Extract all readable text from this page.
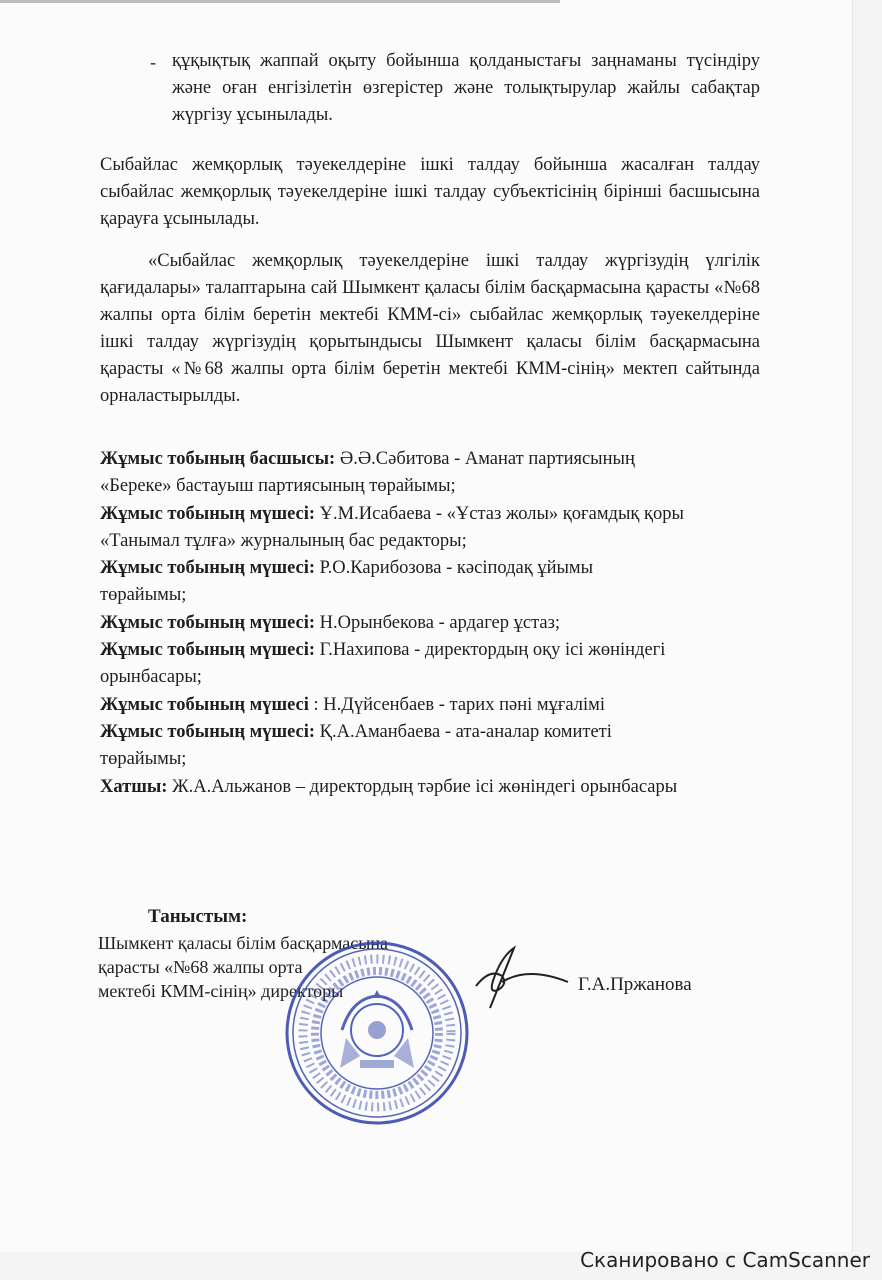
- құқықтық жаппай оқыту бойынша қолданыстағы заңнаманы түсіндіру және оған енгізілетін өзгерістер және толықтырулар жайлы сабақтар жүргізу ұсынылады.
Сыбайлас жемқорлық тәуекелдеріне ішкі талдау бойынша жасалған талдау сыбайлас жемқорлық тәуекелдеріне ішкі талдау субъектісінің бірінші басшысына қарауға ұсынылады.
«Сыбайлас жемқорлық тәуекелдеріне ішкі талдау жүргізудің үлгілік қағидалары» талаптарына сай Шымкент қаласы білім басқармасына қарасты «№68 жалпы орта білім беретін мектебі КММ-сі» сыбайлас жемқорлық тәуекелдеріне ішкі талдау жүргізудің қорытындысы Шымкент қаласы білім басқармасына қарасты «№68 жалпы орта білім беретін мектебі КММ-сінің» мектеп сайтында орналастырылды.
Жұмыс тобының басшысы: Ә.Ә.Сәбитова - Аманат партиясының
«Береке» бастауыш партиясының төрайымы;
Жұмыс тобының мүшесі: Ұ.М.Исабаева - «Ұстаз жолы» қоғамдық қоры
«Танымал тұлға» журналының бас редакторы;
Жұмыс тобының мүшесі: Р.О.Карибозова - кәсіподақ ұйымы
төрайымы;
Жұмыс тобының мүшесі: Н.Орынбекова - ардагер ұстаз;
Жұмыс тобының мүшесі: Г.Нахипова - директордың оқу ісі жөніндегі
орынбасары;
Жұмыс тобының мүшесі : Н.Дүйсенбаев - тарих пәні мұғалімі
Жұмыс тобының мүшесі: Қ.А.Аманбаева - ата-аналар комитеті
төрайымы;
Хатшы: Ж.А.Альжанов – директордың тәрбие ісі жөніндегі орынбасары
Таныстым:
Шымкент қаласы білім басқармасына
қарасты «№68 жалпы орта
мектебі КММ-сінің» директоры	Г.А.Пржанова
Сканировано с CamScanner
